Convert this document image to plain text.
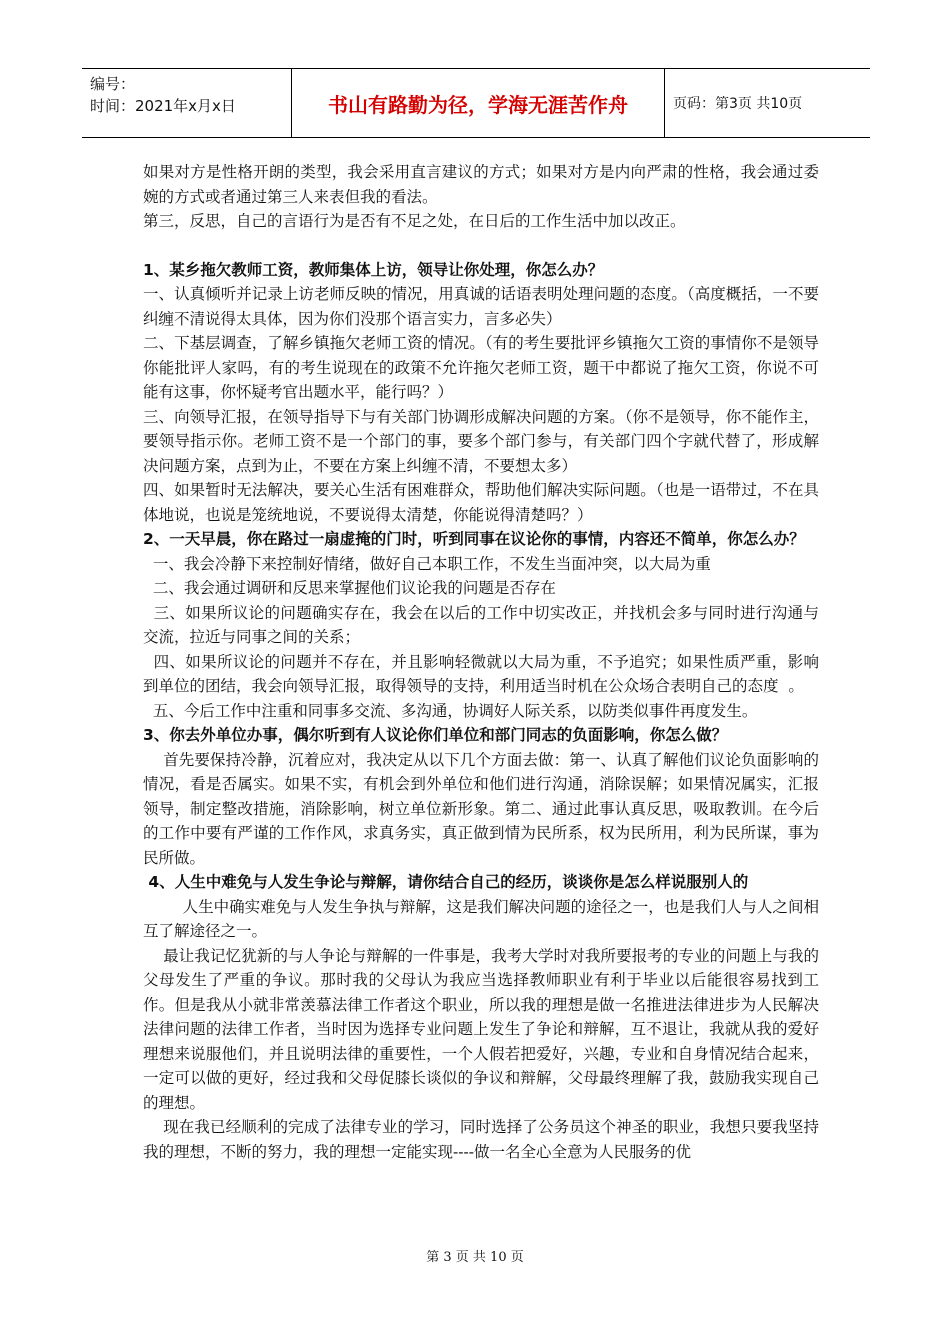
编号：
时间：2021年x月x日	书山有路勤为径，学海无涯苦作舟	页码：第3页 共10页
如果对方是性格开朗的类型，我会采用直言建议的方式；如果对方是内向严肃的性格，我会通过委婉的方式或者通过第三人来表但我的看法。
第三，反思，自己的言语行为是否有不足之处，在日后的工作生活中加以改正。
1、某乡拖欠教师工资，教师集体上访，领导让你处理，你怎么办？
一、认真倾听并记录上访老师反映的情况，用真诚的话语表明处理问题的态度。（高度概括，一不要纠缠不清说得太具体，因为你们没那个语言实力，言多必失）
二、下基层调查，了解乡镇拖欠老师工资的情况。（有的考生要批评乡镇拖欠工资的事情你不是领导你能批评人家吗，有的考生说现在的政策不允许拖欠老师工资，题干中都说了拖欠工资，你说不可能有这事，你怀疑考官出题水平，能行吗？）
三、向领导汇报，在领导指导下与有关部门协调形成解决问题的方案。（你不是领导，你不能作主，要领导指示你。老师工资不是一个部门的事，要多个部门参与，有关部门四个字就代替了，形成解决问题方案，点到为止，不要在方案上纠缠不清，不要想太多）
四、如果暂时无法解决，要关心生活有困难群众，帮助他们解决实际问题。（也是一语带过，不在具体地说，也说是笼统地说，不要说得太清楚，你能说得清楚吗？）
2、一天早晨，你在路过一扇虚掩的门时，听到同事在议论你的事情，内容还不简单，你怎么办？
一、我会冷静下来控制好情绪，做好自己本职工作，不发生当面冲突，以大局为重
二、我会通过调研和反思来掌握他们议论我的问题是否存在
三、如果所议论的问题确实存在，我会在以后的工作中切实改正，并找机会多与同时进行沟通与交流，拉近与同事之间的关系；
四、如果所议论的问题并不存在，并且影响轻微就以大局为重，不予追究；如果性质严重，影响到单位的团结，我会向领导汇报，取得领导的支持，利用适当时机在公众场合表明自己的态度  。
五、今后工作中注重和同事多交流、多沟通，协调好人际关系，以防类似事件再度发生。
3、你去外单位办事，偶尔听到有人议论你们单位和部门同志的负面影响，你怎么做？
首先要保持冷静，沉着应对，我决定从以下几个方面去做：第一、认真了解他们议论负面影响的情况，看是否属实。如果不实，有机会到外单位和他们进行沟通，消除误解；如果情况属实，汇报领导，制定整改措施，消除影响，树立单位新形象。第二、通过此事认真反思，吸取教训。在今后的工作中要有严谨的工作作风，求真务实，真正做到情为民所系，权为民所用，利为民所谋，事为民所做。
4、人生中难免与人发生争论与辩解，请你结合自己的经历，谈谈你是怎么样说服别人的
人生中确实难免与人发生争执与辩解，这是我们解决问题的途径之一，也是我们人与人之间相互了解途径之一。
最让我记忆犹新的与人争论与辩解的一件事是，我考大学时对我所要报考的专业的问题上与我的父母发生了严重的争议。那时我的父母认为我应当选择教师职业有利于毕业以后能很容易找到工作。但是我从小就非常羡慕法律工作者这个职业，所以我的理想是做一名推进法律进步为人民解决法律问题的法律工作者，当时因为选择专业问题上发生了争论和辩解，互不退让，我就从我的爱好理想来说服他们，并且说明法律的重要性，一个人假若把爱好，兴趣，专业和自身情况结合起来，一定可以做的更好，经过我和父母促膝长谈似的争议和辩解，父母最终理解了我，鼓励我实现自己的理想。
现在我已经顺利的完成了法律专业的学习，同时选择了公务员这个神圣的职业，我想只要我坚持我的理想，不断的努力，我的理想一定能实现----做一名全心全意为人民服务的优
第 3 页 共 10 页
